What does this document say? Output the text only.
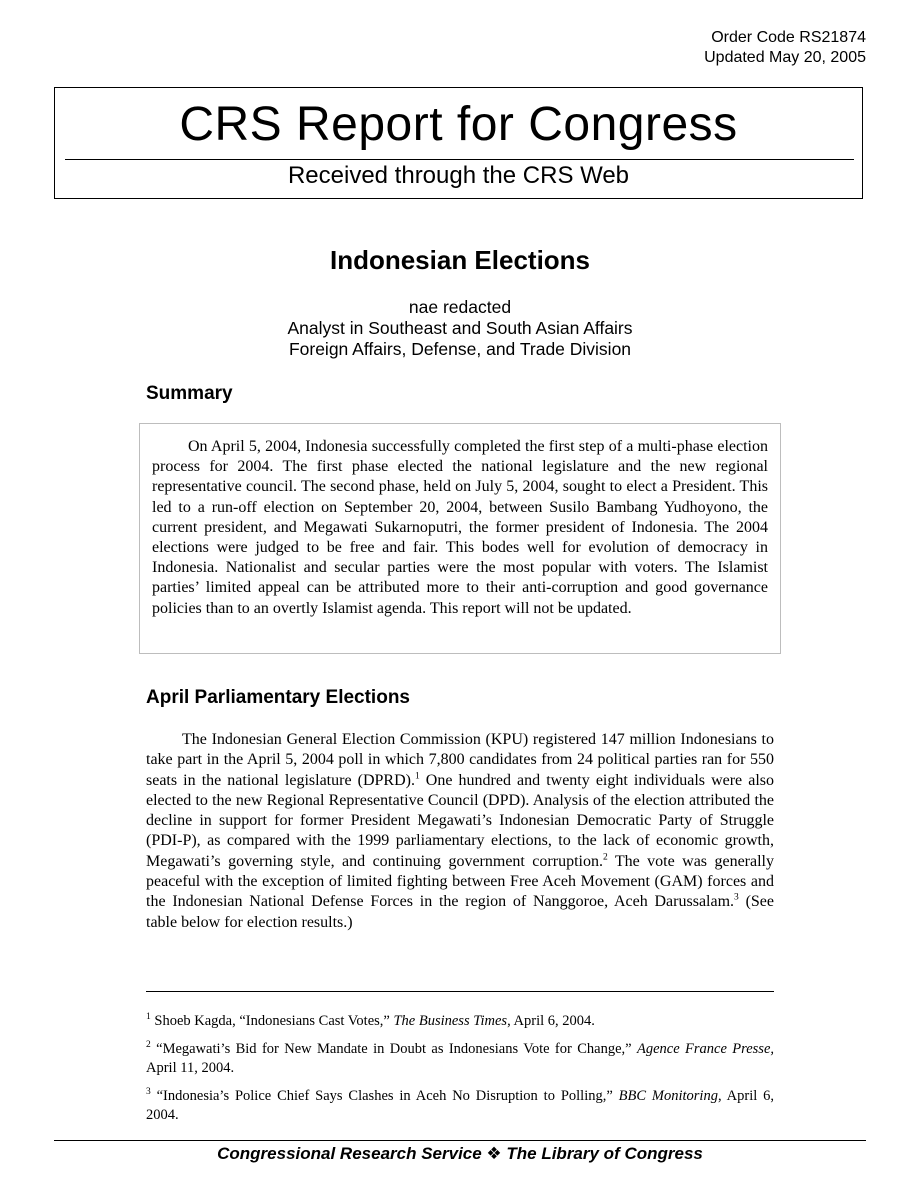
Order Code RS21874
Updated May 20, 2005
CRS Report for Congress
Received through the CRS Web
Indonesian Elections
nae redacted
Analyst in Southeast and South Asian Affairs
Foreign Affairs, Defense, and Trade Division
Summary

On April 5, 2004, Indonesia successfully completed the first step of a multi-phase election process for 2004. The first phase elected the national legislature and the new regional representative council. The second phase, held on July 5, 2004, sought to elect a President. This led to a run-off election on September 20, 2004, between Susilo Bambang Yudhoyono, the current president, and Megawati Sukarnoputri, the former president of Indonesia. The 2004 elections were judged to be free and fair. This bodes well for evolution of democracy in Indonesia. Nationalist and secular parties were the most popular with voters. The Islamist parties’ limited appeal can be attributed more to their anti-corruption and good governance policies than to an overtly Islamist agenda. This report will not be updated.

April Parliamentary Elections

The Indonesian General Election Commission (KPU) registered 147 million Indonesians to take part in the April 5, 2004 poll in which 7,800 candidates from 24 political parties ran for 550 seats in the national legislature (DPRD).$^1$ One hundred and twenty eight individuals were also elected to the new Regional Representative Council (DPD). Analysis of the election attributed the decline in support for former President Megawati’s Indonesian Democratic Party of Struggle (PDI-P), as compared with the 1999 parliamentary elections, to the lack of economic growth, Megawati’s governing style, and continuing government corruption.$^2$ The vote was generally peaceful with the exception of limited fighting between Free Aceh Movement (GAM) forces and the Indonesian National Defense Forces in the region of Nanggoroe, Aceh Darussalam.$^3$ (See table below for election results.)

$^1$ Shoeb Kagda, “Indonesians Cast Votes,” The Business Times, April 6, 2004.

$^2$ “Megawati’s Bid for New Mandate in Doubt as Indonesians Vote for Change,” Agence France Presse, April 11, 2004.

$^3$ “Indonesia’s Police Chief Says Clashes in Aceh No Disruption to Polling,” BBC Monitoring, April 6, 2004.

Congressional Research Service ❖ The Library of Congress
